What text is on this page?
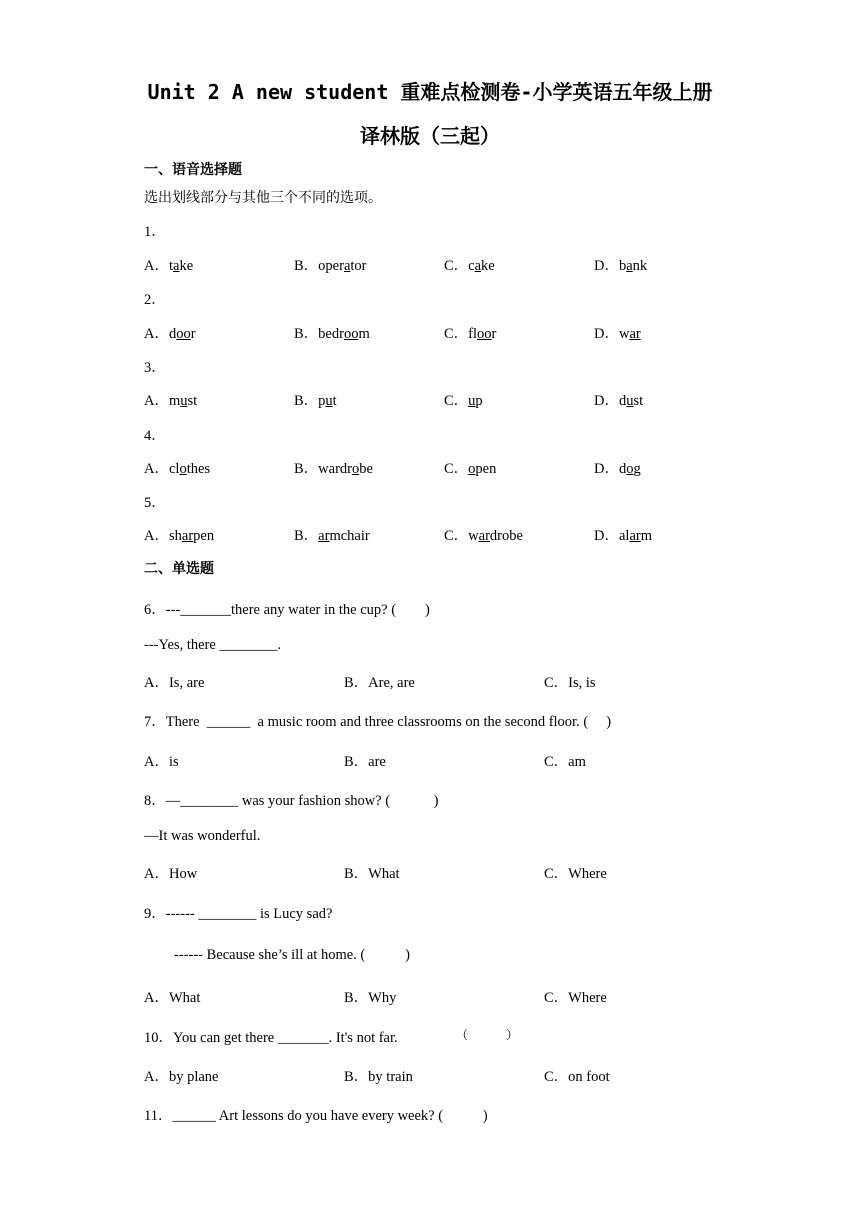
Unit 2 A new student 重难点检测卷-小学英语五年级上册
译林版（三起）
一、语音选择题
选出划线部分与其他三个不同的选项。
1．
A．take	B．operator	C．cake	D．bank
2．
A．door	B．bedroom	C．floor	D．war
3．
A．must	B．put	C．up	D．dust
4．
A．clothes	B．wardrobe	C．open	D．dog
5．
A．sharpen	B．armchair	C．wardrobe	D．alarm
二、单选题
6．---_______there any water in the cup? (        )
---Yes, there ________.
A．Is, are	B．Are, are	C．Is, is
7．There  ______  a music room and three classrooms on the second floor. (     )
A．is	B．are	C．am
8．—________ was your fashion show? (            )
—It was wonderful.
A．How	B．What	C．Where
9．------ ________ is Lucy sad?
------ Because she’s ill at home. (           )
A．What	B．Why	C．Where
10．You can get there _______. It's not far.	（          ）
A．by plane	B．by train	C．on foot
11．______ Art lessons do you have every week? (           )
